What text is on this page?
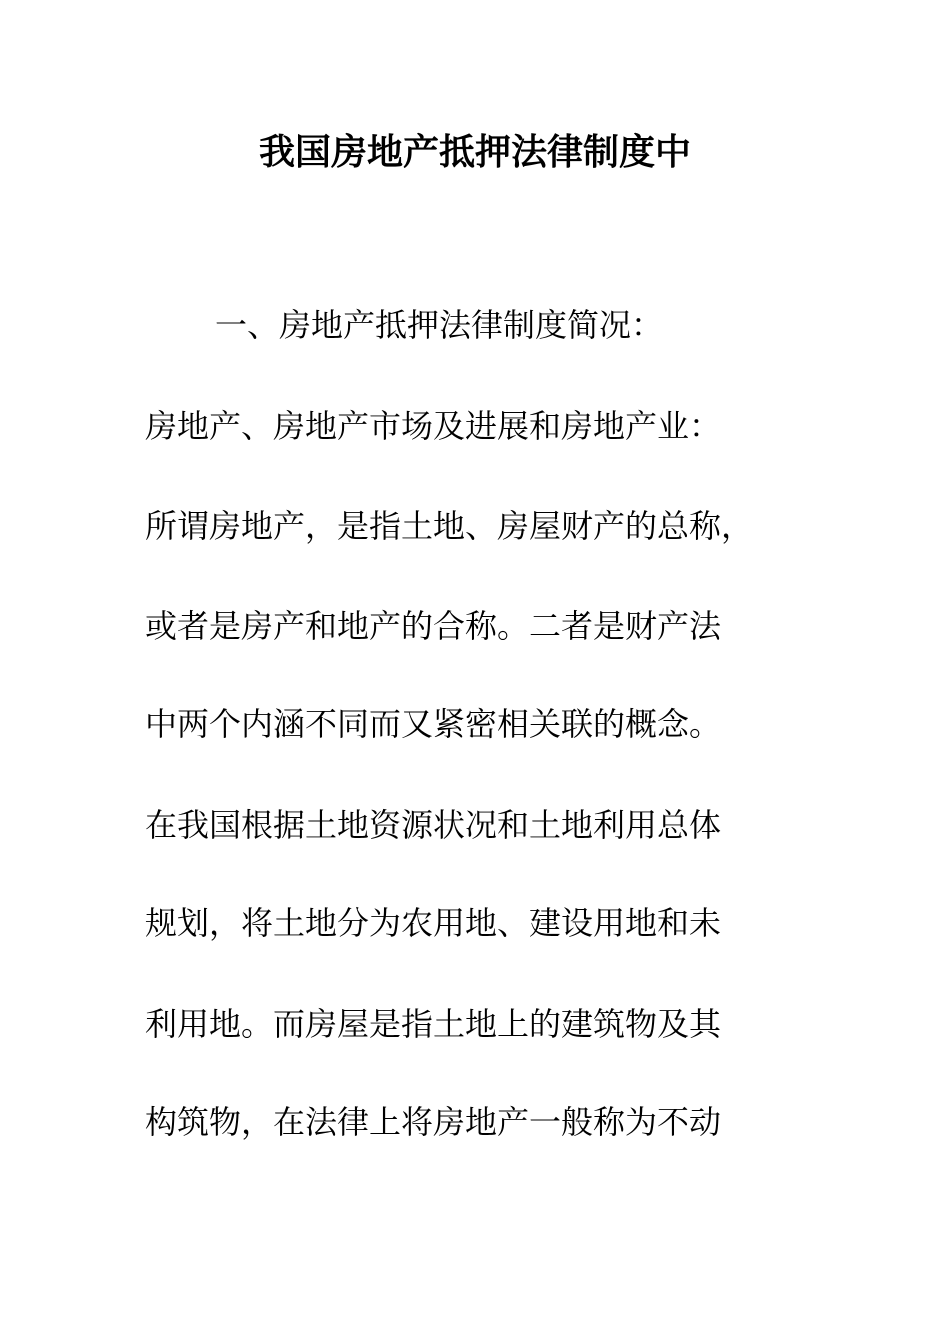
我国房地产抵押法律制度中
一、房地产抵押法律制度简况：
房地产、房地产市场及进展和房地产业：
所谓房地产，是指土地、房屋财产的总称，
或者是房产和地产的合称。二者是财产法
中两个内涵不同而又紧密相关联的概念。
在我国根据土地资源状况和土地利用总体
规划，将土地分为农用地、建设用地和未
利用地。而房屋是指土地上的建筑物及其
构筑物，在法律上将房地产一般称为不动
